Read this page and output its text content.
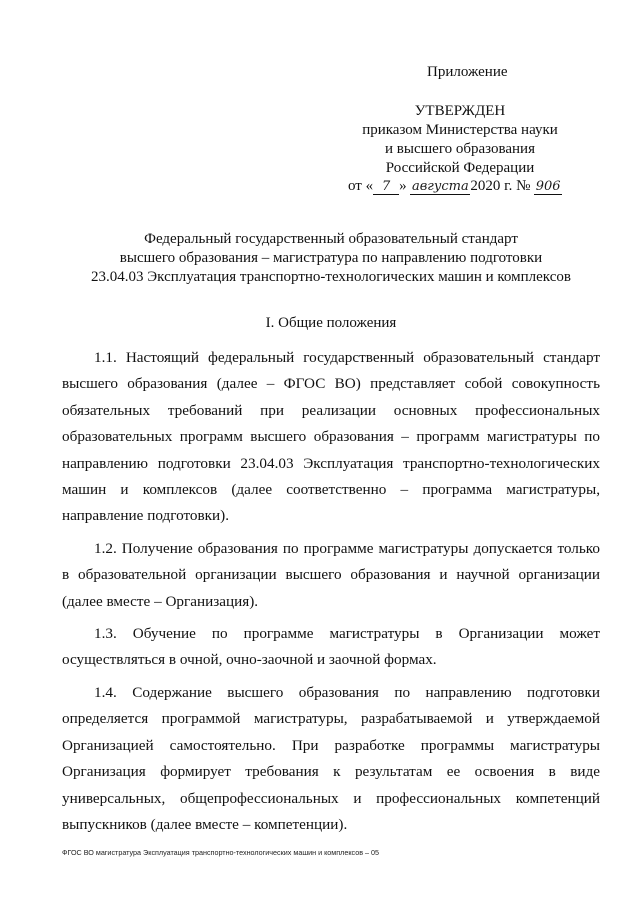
Приложение
УТВЕРЖДЕН
приказом Министерства науки
и высшего образования
Российской Федерации
от « 7 » августа 2020 г. № 906
Федеральный государственный образовательный стандарт
высшего образования – магистратура по направлению подготовки
23.04.03 Эксплуатация транспортно-технологических машин и комплексов
I. Общие положения

1.1. Настоящий федеральный государственный образовательный стандарт высшего образования (далее – ФГОС ВО) представляет собой совокупность обязательных требований при реализации основных профессиональных образовательных программ высшего образования – программ магистратуры по направлению подготовки 23.04.03 Эксплуатация транспортно-технологических машин и комплексов (далее соответственно – программа магистратуры, направление подготовки).

1.2. Получение образования по программе магистратуры допускается только в образовательной организации высшего образования и научной организации (далее вместе – Организация).

1.3. Обучение по программе магистратуры в Организации может осуществляться в очной, очно-заочной и заочной формах.

1.4. Содержание высшего образования по направлению подготовки определяется программой магистратуры, разрабатываемой и утверждаемой Организацией самостоятельно. При разработке программы магистратуры Организация формирует требования к результатам ее освоения в виде универсальных, общепрофессиональных и профессиональных компетенций выпускников (далее вместе – компетенции).

ФГОС ВО магистратура Эксплуатация транспортно-технологических машин и комплексов – 05
